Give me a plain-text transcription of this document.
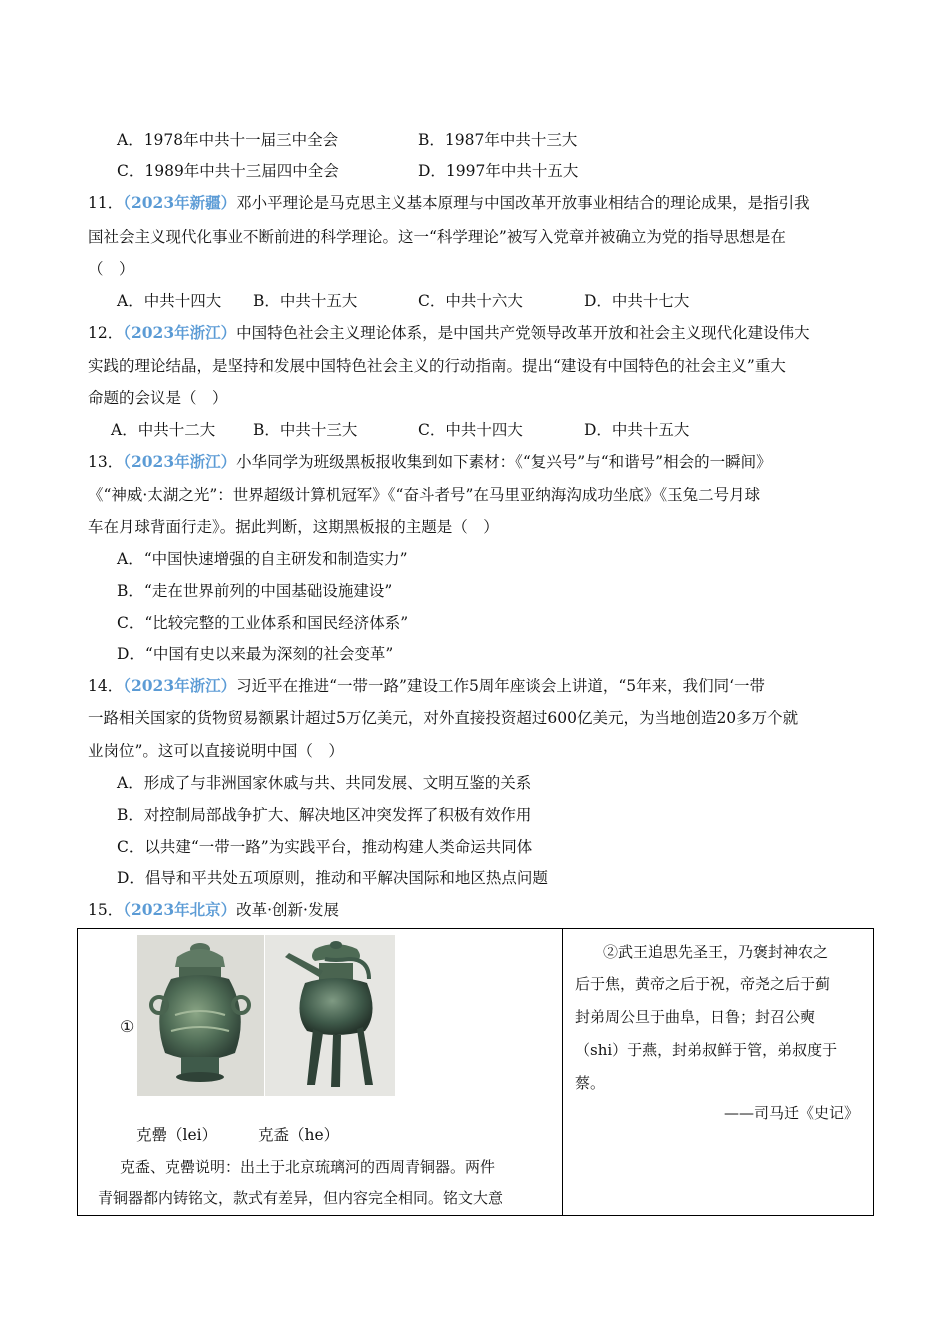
A．1978年中共十一届三中全会	B．1987年中共十三大
C．1989年中共十三届四中全会	D．1997年中共十五大
11．（2023年新疆）邓小平理论是马克思主义基本原理与中国改革开放事业相结合的理论成果，是指引我
国社会主义现代化事业不断前进的科学理论。这一“科学理论”被写入党章并被确立为党的指导思想是在
（　）
A．中共十四大 B．中共十五大	C．中共十六大	D．中共十七大
12．（2023年浙江）中国特色社会主义理论体系，是中国共产党领导改革开放和社会主义现代化建设伟大
实践的理论结晶，是坚持和发展中国特色社会主义的行动指南。提出“建设有中国特色的社会主义”重大
命题的会议是（　）
A．中共十二大 B．中共十三大	C．中共十四大	D．中共十五大
13．（2023年浙江）小华同学为班级黑板报收集到如下素材：《“复兴号”与“和谐号”相会的一瞬间》
《“神威·太湖之光”：世界超级计算机冠军》《“奋斗者号”在马里亚纳海沟成功坐底》《玉兔二号月球
车在月球背面行走》。据此判断，这期黑板报的主题是（　）
A．“中国快速增强的自主研发和制造实力”
B．“走在世界前列的中国基础设施建设”
C．“比较完整的工业体系和国民经济体系”
D．“中国有史以来最为深刻的社会变革”
14．（2023年浙江）习近平在推进“一带一路”建设工作5周年座谈会上讲道，“5年来，我们同‘一带
一路相关国家的货物贸易额累计超过5万亿美元，对外直接投资超过600亿美元，为当地创造20多万个就
业岗位”。这可以直接说明中国（　）
A．形成了与非洲国家休戚与共、共同发展、文明互鉴的关系
B．对控制局部战争扩大、解决地区冲突发挥了积极有效作用
C．以共建“一带一路”为实践平台，推动构建人类命运共同体
D．倡导和平共处五项原则，推动和平解决国际和地区热点问题
15．（2023年北京）改革·创新·发展
①
克罍（lei）	克盉（he）
克盉、克罍说明：出土于北京琉璃河的西周青铜器。两件
青铜器都内铸铭文，款式有差异，但内容完全相同。铭文大意

②武王追思先圣王，乃褒封神农之
后于焦，黄帝之后于祝，帝尧之后于蓟
封弟周公旦于曲阜，日鲁；封召公奭
（shi）于燕，封弟叔鲜于管，弟叔度于
蔡。
——司马迁《史记》
